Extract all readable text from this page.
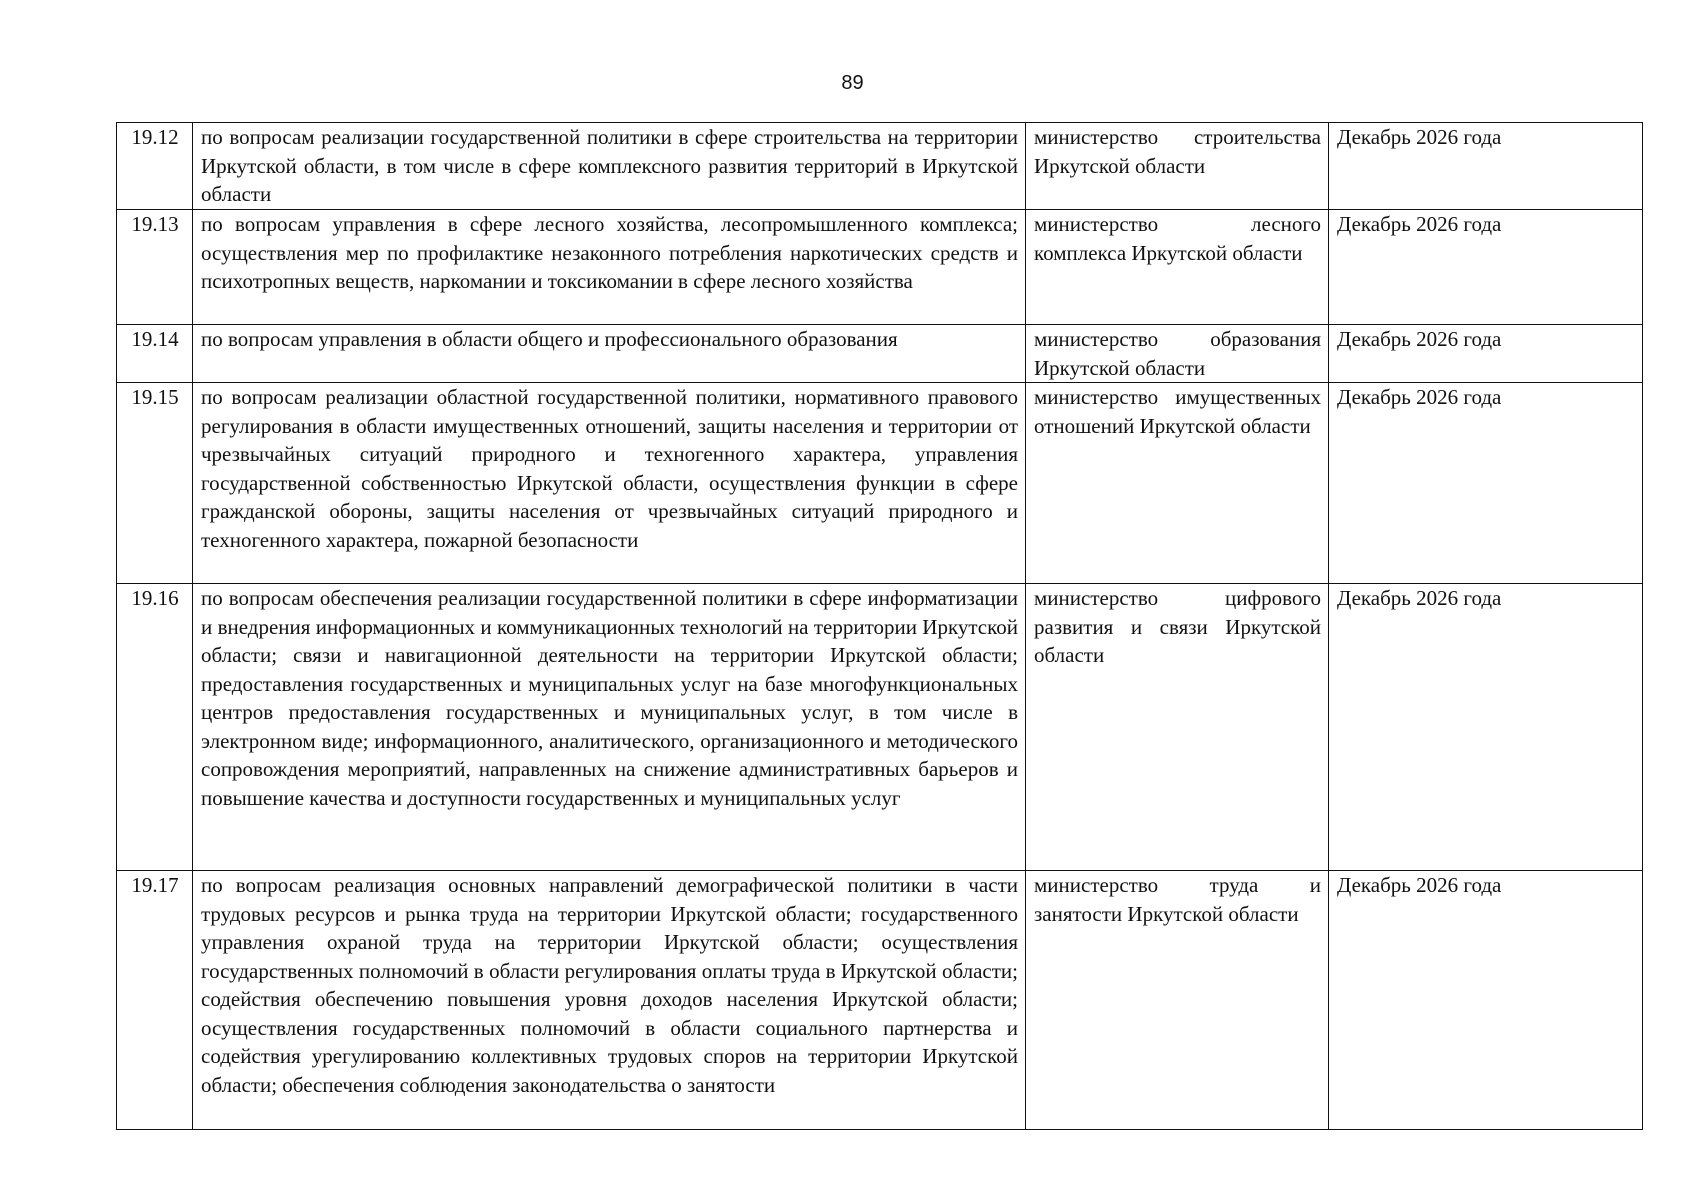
89
19.12	по вопросам реализации государственной политики в сфере строительства на территории Иркутской области, в том числе в сфере комплексного развития территорий в Иркутской области	министерство строительства Иркутской области	Декабрь 2026 года
19.13	по вопросам управления в сфере лесного хозяйства, лесопромышленного комплекса; осуществления мер по профилактике незаконного потребления наркотических средств и психотропных веществ, наркомании и токсикомании в сфере лесного хозяйства	министерство лесного комплекса Иркутской области	Декабрь 2026 года
19.14	по вопросам управления в области общего и профессионального образования	министерство образования Иркутской области	Декабрь 2026 года
19.15	по вопросам реализации областной государственной политики, нормативного правового регулирования в области имущественных отношений, защиты населения и территории от чрезвычайных ситуаций природного и техногенного характера, управления государственной собственностью Иркутской области, осуществления функции в сфере гражданской обороны, защиты населения от чрезвычайных ситуаций природного и техногенного характера, пожарной безопасности	министерство имущественных отношений Иркутской области	Декабрь 2026 года
19.16	по вопросам обеспечения реализации государственной политики в сфере информатизации и внедрения информационных и коммуникационных технологий на территории Иркутской области; связи и навигационной деятельности на территории Иркутской области; предоставления государственных и муниципальных услуг на базе многофункциональных центров предоставления государственных и муниципальных услуг, в том числе в электронном виде; информационного, аналитического, организационного и методического сопровождения мероприятий, направленных на снижение административных барьеров и повышение качества и доступности государственных и муниципальных услуг	министерство цифрового развития и связи Иркутской области	Декабрь 2026 года
19.17	по вопросам реализация основных направлений демографической политики в части трудовых ресурсов и рынка труда на территории Иркутской области; государственного управления охраной труда на территории Иркутской области; осуществления государственных полномочий в области регулирования оплаты труда в Иркутской области; содействия обеспечению повышения уровня доходов населения Иркутской области; осуществления государственных полномочий в области социального партнерства и содействия урегулированию коллективных трудовых споров на территории Иркутской области; обеспечения соблюдения законодательства о занятости	министерство труда и занятости Иркутской области	Декабрь 2026 года
